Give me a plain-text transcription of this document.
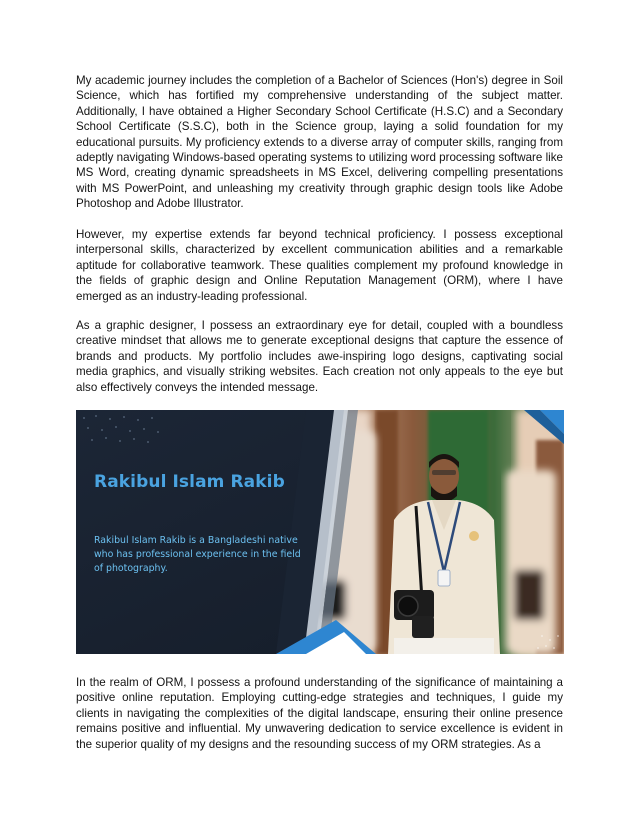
My academic journey includes the completion of a Bachelor of Sciences (Hon's) degree in Soil Science, which has fortified my comprehensive understanding of the subject matter. Additionally, I have obtained a Higher Secondary School Certificate (H.S.C) and a Secondary School Certificate (S.S.C), both in the Science group, laying a solid foundation for my educational pursuits. My proficiency extends to a diverse array of computer skills, ranging from adeptly navigating Windows-based operating systems to utilizing word processing software like MS Word, creating dynamic spreadsheets in MS Excel, delivering compelling presentations with MS PowerPoint, and unleashing my creativity through graphic design tools like Adobe Photoshop and Adobe Illustrator.

However, my expertise extends far beyond technical proficiency. I possess exceptional interpersonal skills, characterized by excellent communication abilities and a remarkable aptitude for collaborative teamwork. These qualities complement my profound knowledge in the fields of graphic design and Online Reputation Management (ORM), where I have emerged as an industry-leading professional.

As a graphic designer, I possess an extraordinary eye for detail, coupled with a boundless creative mindset that allows me to generate exceptional designs that capture the essence of brands and products. My portfolio includes awe-inspiring logo designs, captivating social media graphics, and visually striking websites. Each creation not only appeals to the eye but also effectively conveys the intended message.

Rakibul Islam Rakib

Rakibul Islam Rakib is a Bangladeshi native who has professional experience in the field of photography.

In the realm of ORM, I possess a profound understanding of the significance of maintaining a positive online reputation. Employing cutting-edge strategies and techniques, I guide my clients in navigating the complexities of the digital landscape, ensuring their online presence remains positive and influential. My unwavering dedication to service excellence is evident in the superior quality of my designs and the resounding success of my ORM strategies. As a
